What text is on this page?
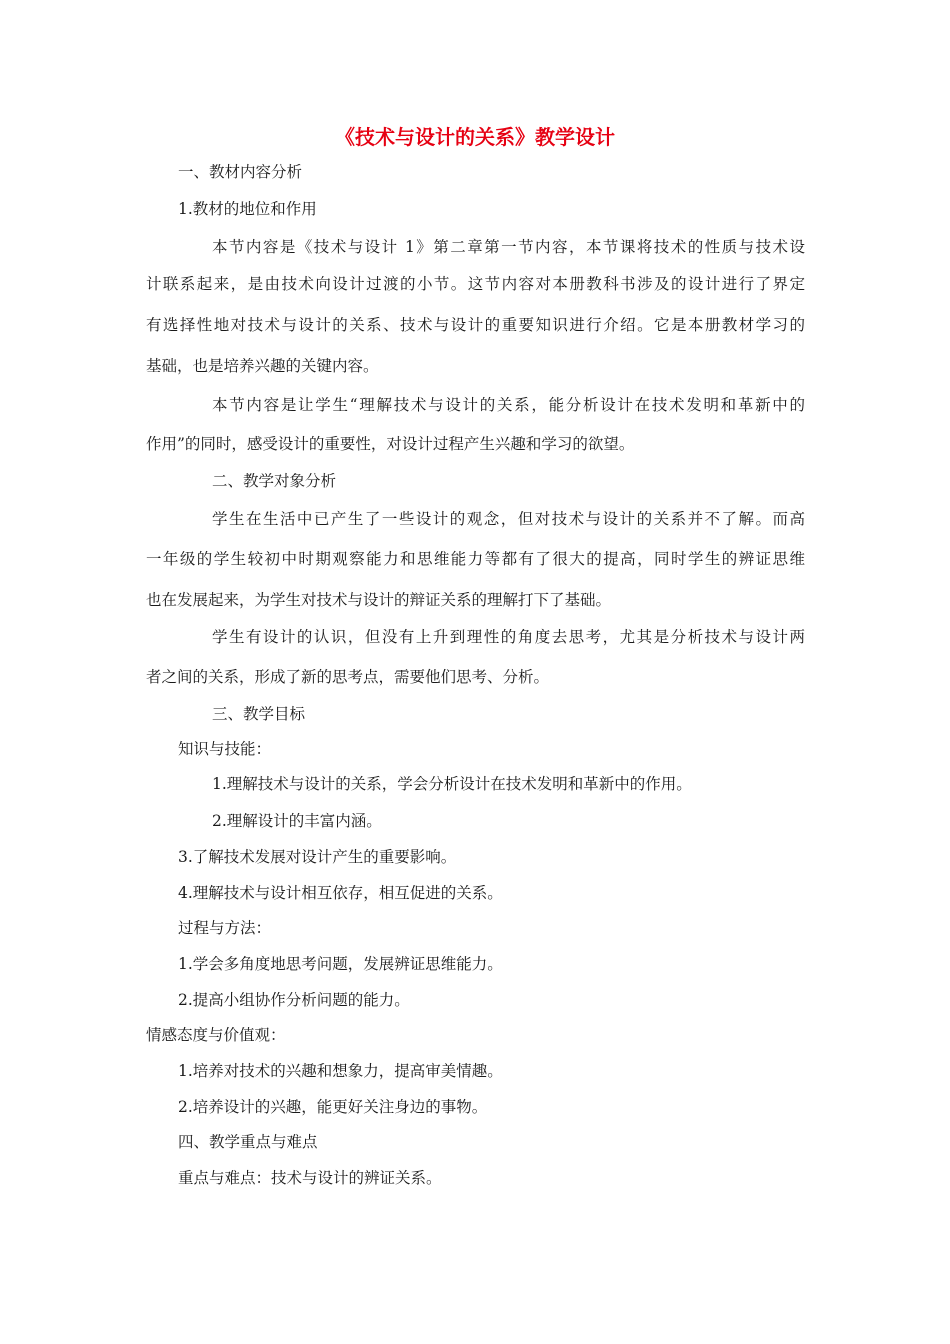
《技术与设计的关系》教学设计
一、教材内容分析
1.教材的地位和作用
本节内容是《技术与设计 1》第二章第一节内容，本节课将技术的性质与技术设
计联系起来，是由技术向设计过渡的小节。这节内容对本册教科书涉及的设计进行了界定
有选择性地对技术与设计的关系、技术与设计的重要知识进行介绍。它是本册教材学习的
基础，也是培养兴趣的关键内容。
本节内容是让学生“理解技术与设计的关系，能分析设计在技术发明和革新中的
作用”的同时，感受设计的重要性，对设计过程产生兴趣和学习的欲望。
二、教学对象分析
学生在生活中已产生了一些设计的观念，但对技术与设计的关系并不了解。而高
一年级的学生较初中时期观察能力和思维能力等都有了很大的提高，同时学生的辨证思维
也在发展起来，为学生对技术与设计的辩证关系的理解打下了基础。
学生有设计的认识，但没有上升到理性的角度去思考，尤其是分析技术与设计两
者之间的关系，形成了新的思考点，需要他们思考、分析。
三、教学目标
知识与技能：
1.理解技术与设计的关系，学会分析设计在技术发明和革新中的作用。
2.理解设计的丰富内涵。
3.了解技术发展对设计产生的重要影响。
4.理解技术与设计相互依存，相互促进的关系。
过程与方法：
1.学会多角度地思考问题，发展辨证思维能力。
2.提高小组协作分析问题的能力。
情感态度与价值观：
1.培养对技术的兴趣和想象力，提高审美情趣。
2.培养设计的兴趣，能更好关注身边的事物。
四、教学重点与难点
重点与难点：技术与设计的辨证关系。
